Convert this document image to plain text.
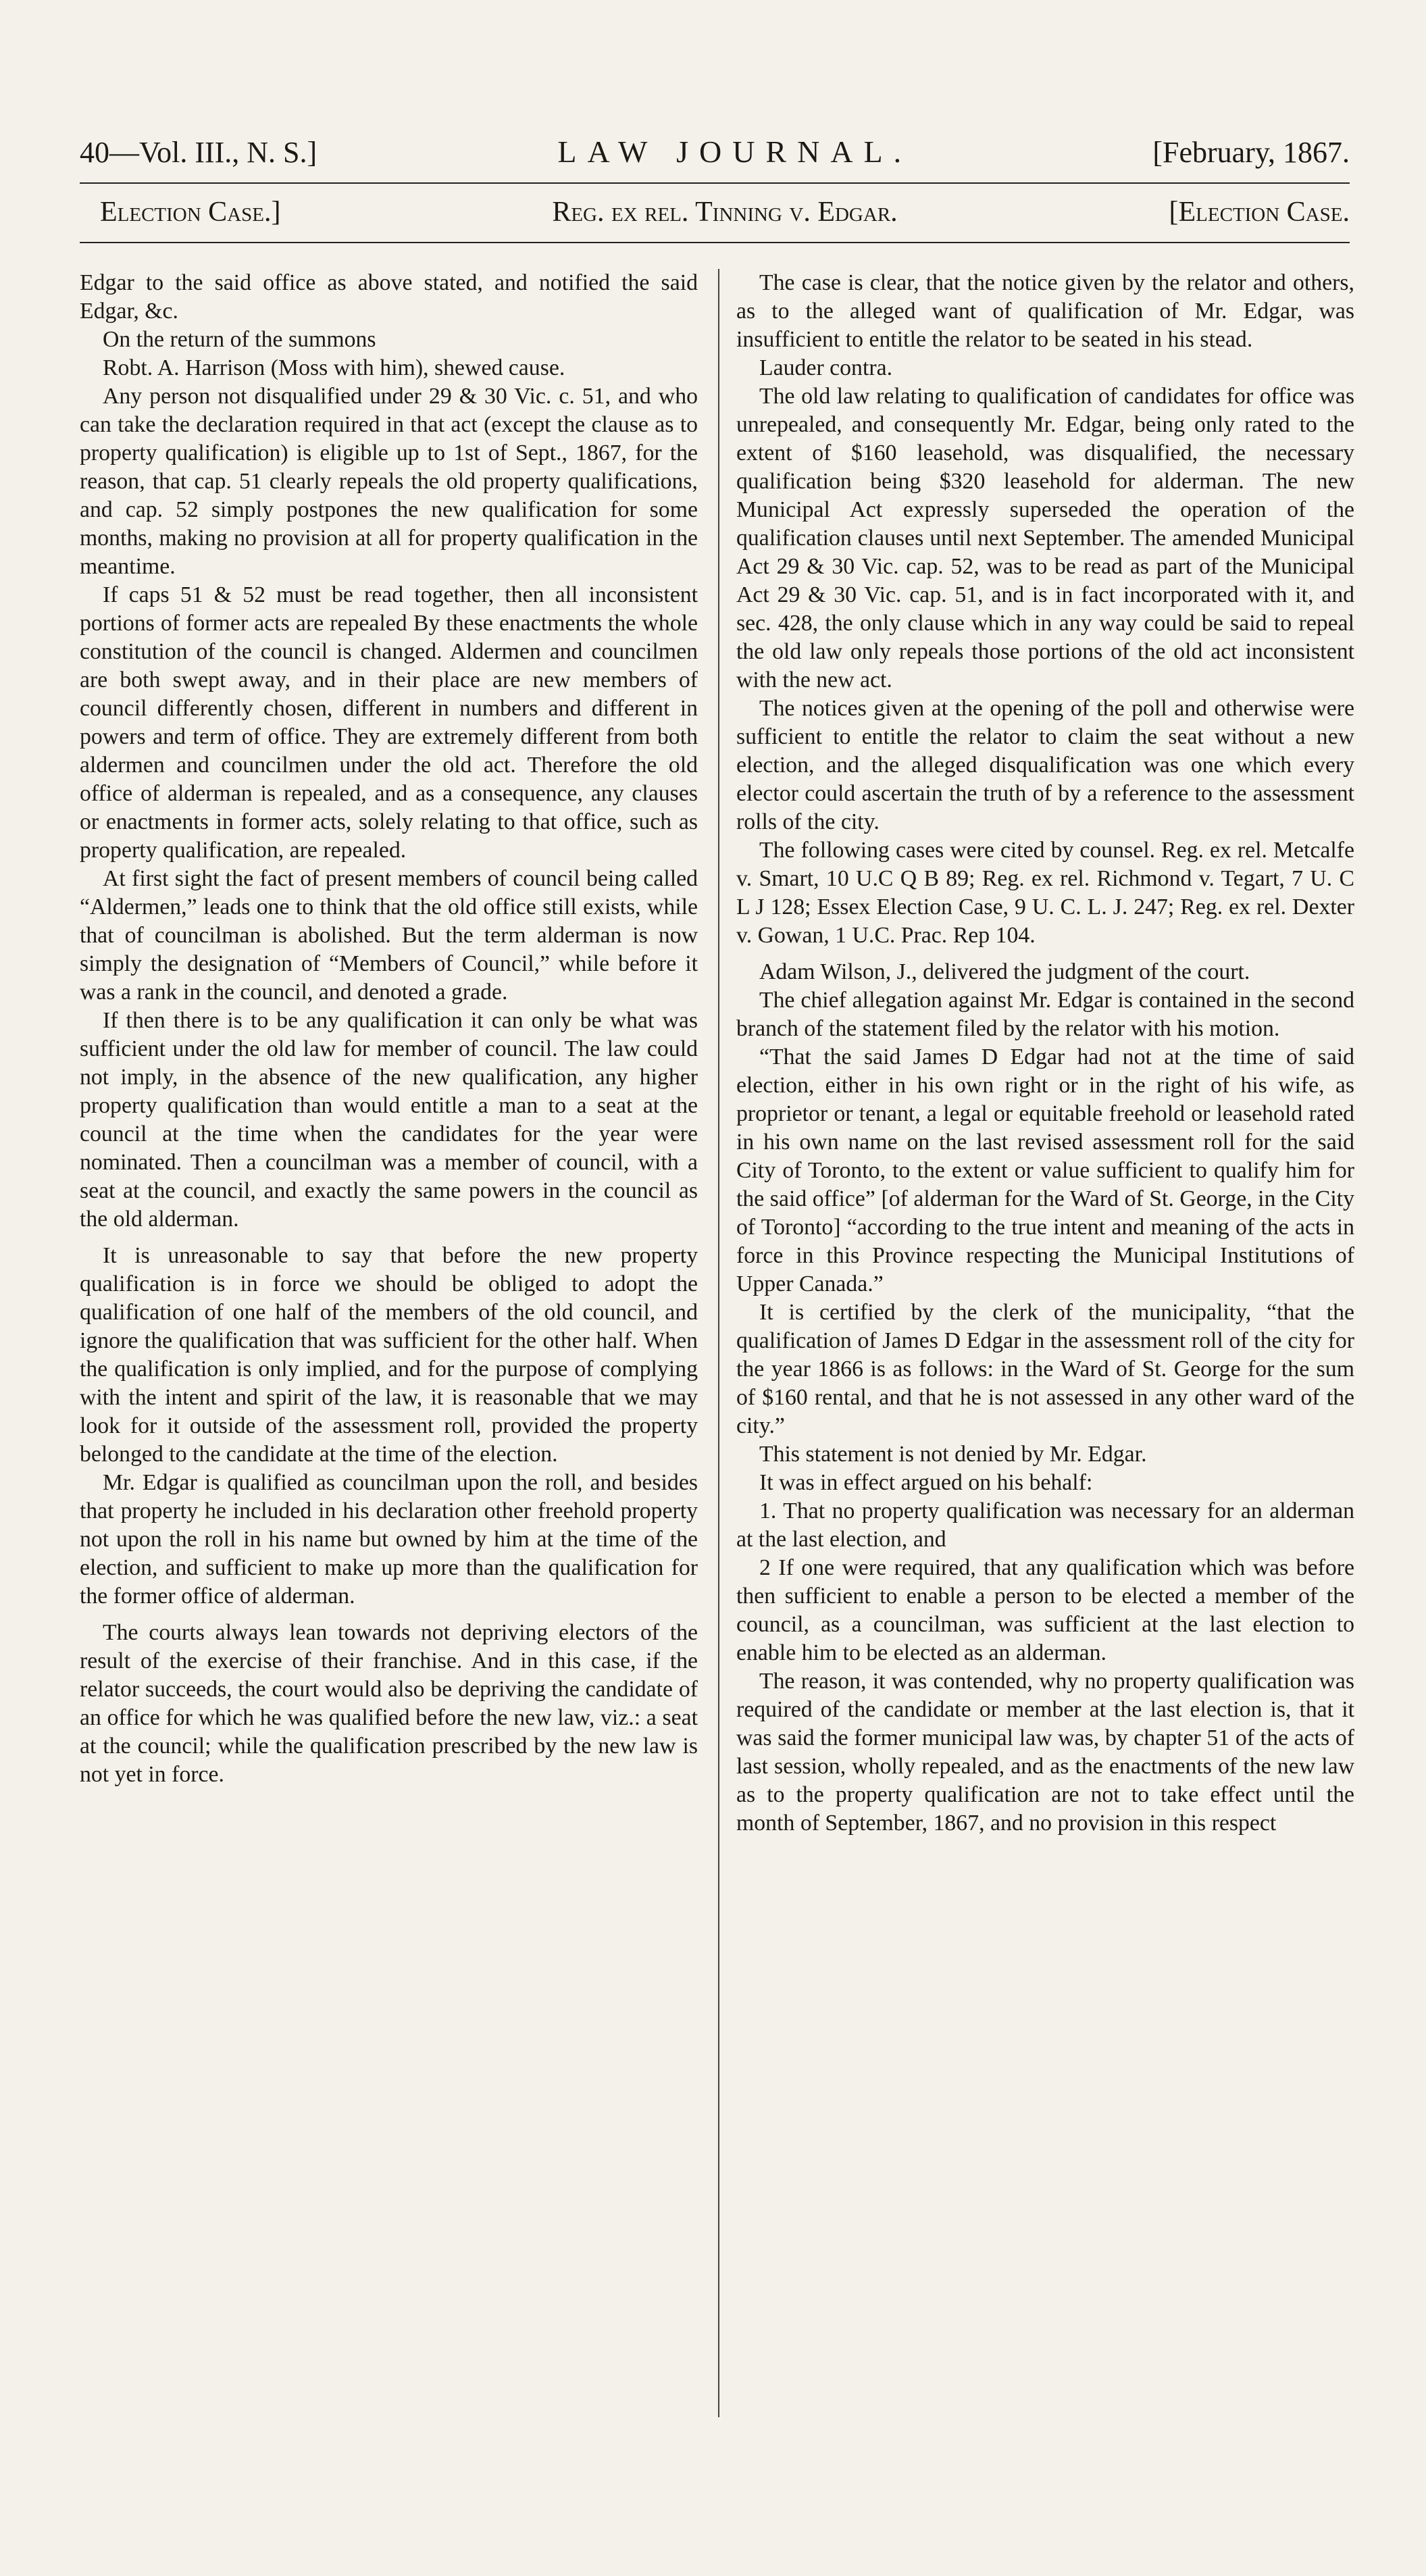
40—Vol. III., N. S.]	LAW JOURNAL.	[February, 1867.
Election Case.]	Reg. ex rel. Tinning v. Edgar.	[Election Case.

Edgar to the said office as above stated, and notified the said Edgar, &c.

On the return of the summons

Robt. A. Harrison (Moss with him), shewed cause.

Any person not disqualified under 29 & 30 Vic. c. 51, and who can take the declaration required in that act (except the clause as to property qualification) is eligible up to 1st of Sept., 1867, for the reason, that cap. 51 clearly repeals the old property qualifications, and cap. 52 simply postpones the new qualification for some months, making no provision at all for property qualification in the meantime.

If caps 51 & 52 must be read together, then all inconsistent portions of former acts are repealed By these enactments the whole constitution of the council is changed. Aldermen and councilmen are both swept away, and in their place are new members of council differently chosen, different in numbers and different in powers and term of office. They are extremely different from both aldermen and councilmen under the old act. Therefore the old office of alderman is repealed, and as a consequence, any clauses or enactments in former acts, solely relating to that office, such as property qualification, are repealed.

At first sight the fact of present members of council being called “Aldermen,” leads one to think that the old office still exists, while that of councilman is abolished. But the term alderman is now simply the designation of “Members of Council,” while before it was a rank in the council, and denoted a grade.

If then there is to be any qualification it can only be what was sufficient under the old law for member of council. The law could not imply, in the absence of the new qualification, any higher property qualification than would entitle a man to a seat at the council at the time when the candidates for the year were nominated. Then a councilman was a member of council, with a seat at the council, and exactly the same powers in the council as the old alderman.

It is unreasonable to say that before the new property qualification is in force we should be obliged to adopt the qualification of one half of the members of the old council, and ignore the qualification that was sufficient for the other half. When the qualification is only implied, and for the purpose of complying with the intent and spirit of the law, it is reasonable that we may look for it outside of the assessment roll, provided the property belonged to the candidate at the time of the election.

Mr. Edgar is qualified as councilman upon the roll, and besides that property he included in his declaration other freehold property not upon the roll in his name but owned by him at the time of the election, and sufficient to make up more than the qualification for the former office of alderman.

The courts always lean towards not depriving electors of the result of the exercise of their franchise. And in this case, if the relator succeeds, the court would also be depriving the candidate of an office for which he was qualified before the new law, viz.: a seat at the council; while the qualification prescribed by the new law is not yet in force.

The case is clear, that the notice given by the relator and others, as to the alleged want of qualification of Mr. Edgar, was insufficient to entitle the relator to be seated in his stead.

Lauder contra.

The old law relating to qualification of candidates for office was unrepealed, and consequently Mr. Edgar, being only rated to the extent of $160 leasehold, was disqualified, the necessary qualification being $320 leasehold for alderman. The new Municipal Act expressly superseded the operation of the qualification clauses until next September. The amended Municipal Act 29 & 30 Vic. cap. 52, was to be read as part of the Municipal Act 29 & 30 Vic. cap. 51, and is in fact incorporated with it, and sec. 428, the only clause which in any way could be said to repeal the old law only repeals those portions of the old act inconsistent with the new act.

The notices given at the opening of the poll and otherwise were sufficient to entitle the relator to claim the seat without a new election, and the alleged disqualification was one which every elector could ascertain the truth of by a reference to the assessment rolls of the city.

The following cases were cited by counsel. Reg. ex rel. Metcalfe v. Smart, 10 U.C Q B 89; Reg. ex rel. Richmond v. Tegart, 7 U. C L J 128; Essex Election Case, 9 U. C. L. J. 247; Reg. ex rel. Dexter v. Gowan, 1 U.C. Prac. Rep 104.

Adam Wilson, J., delivered the judgment of the court.

The chief allegation against Mr. Edgar is contained in the second branch of the statement filed by the relator with his motion.

“That the said James D Edgar had not at the time of said election, either in his own right or in the right of his wife, as proprietor or tenant, a legal or equitable freehold or leasehold rated in his own name on the last revised assessment roll for the said City of Toronto, to the extent or value sufficient to qualify him for the said office” [of alderman for the Ward of St. George, in the City of Toronto] “according to the true intent and meaning of the acts in force in this Province respecting the Municipal Institutions of Upper Canada.”

It is certified by the clerk of the municipality, “that the qualification of James D Edgar in the assessment roll of the city for the year 1866 is as follows: in the Ward of St. George for the sum of $160 rental, and that he is not assessed in any other ward of the city.”

This statement is not denied by Mr. Edgar.

It was in effect argued on his behalf:

1. That no property qualification was necessary for an alderman at the last election, and

2 If one were required, that any qualification which was before then sufficient to enable a person to be elected a member of the council, as a councilman, was sufficient at the last election to enable him to be elected as an alderman.

The reason, it was contended, why no property qualification was required of the candidate or member at the last election is, that it was said the former municipal law was, by chapter 51 of the acts of last session, wholly repealed, and as the enactments of the new law as to the property qualification are not to take effect until the month of September, 1867, and no provision in this respect
